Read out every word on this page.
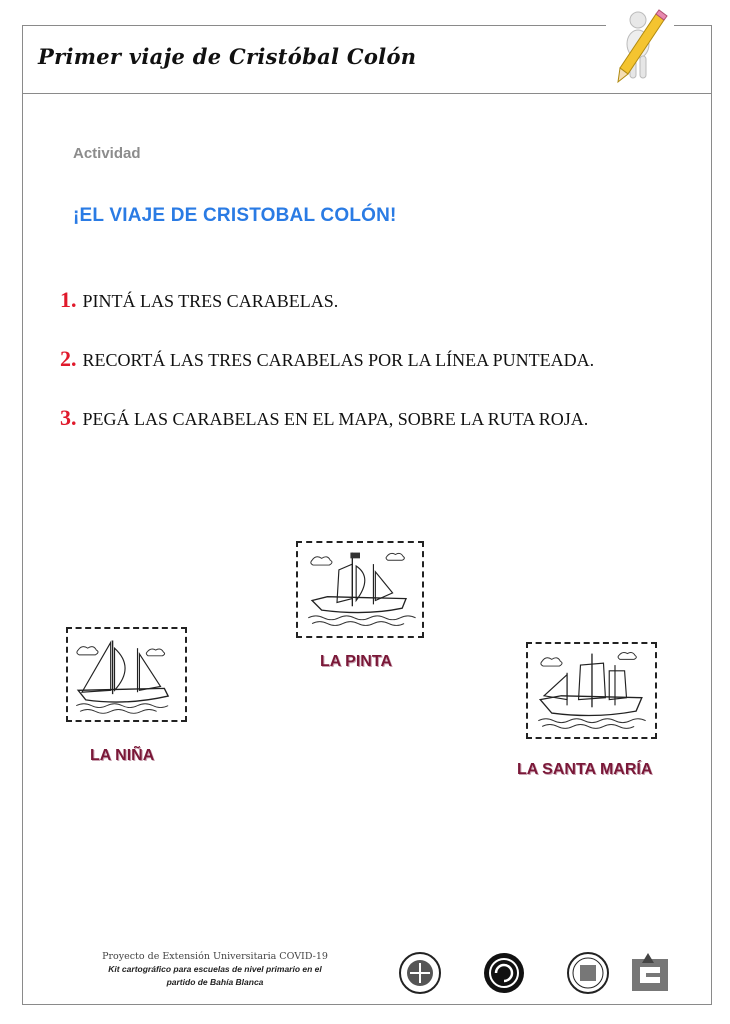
Primer viaje de Cristóbal Colón
Actividad
¡EL VIAJE DE CRISTOBAL COLÓN!
1. PINTÁ LAS TRES CARABELAS.
2. RECORTÁ LAS TRES CARABELAS POR LA LÍNEA PUNTEADA.
3. PEGÁ LAS CARABELAS EN EL MAPA, SOBRE LA RUTA ROJA.
LA PINTA
LA NIÑA
LA SANTA MARÍA
Proyecto de Extensión Universitaria COVID-19
Kit cartográfico para escuelas de nivel primario en el partido de Bahía Blanca
